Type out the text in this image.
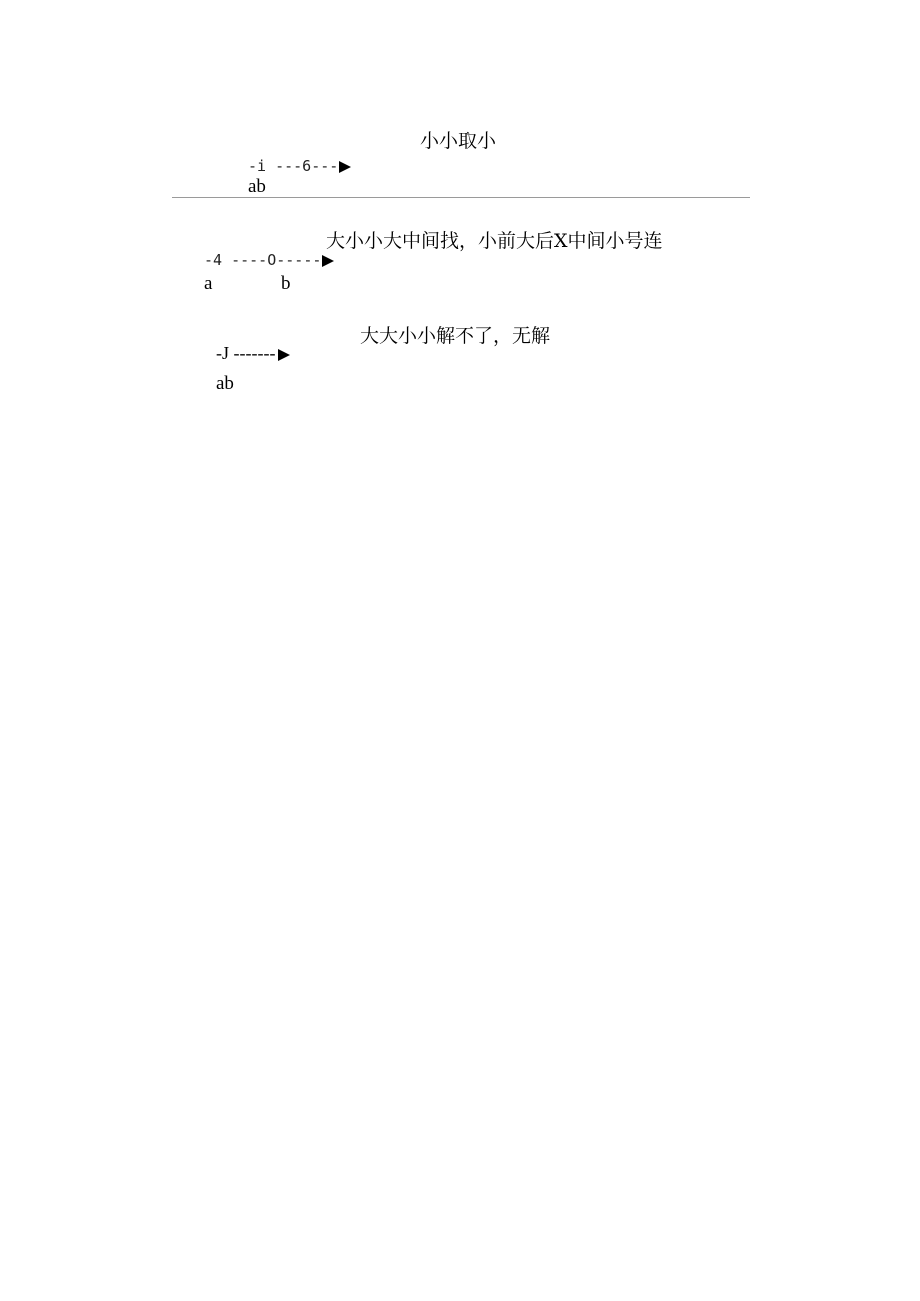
小小取小
-i ---6---
ab
大小小大中间找，小前大后X中间小号连
-4 ----O-----
a	b
大大小小解不了，无解
-J -------
ab
